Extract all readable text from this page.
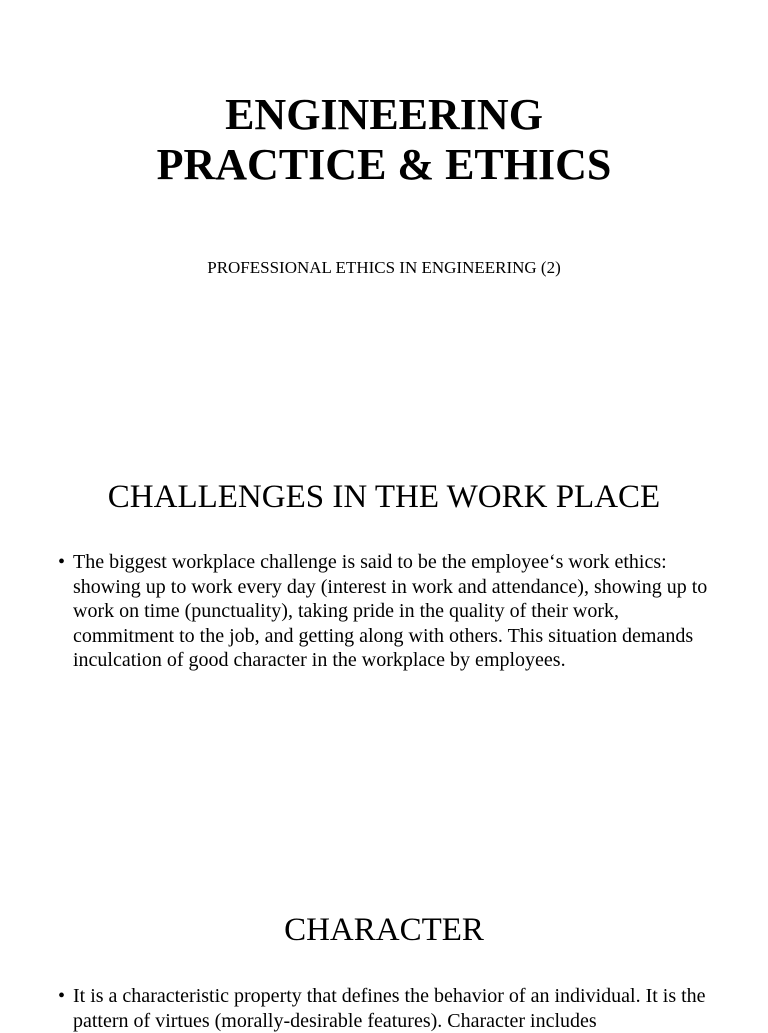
ENGINEERING
PRACTICE & ETHICS
PROFESSIONAL ETHICS IN ENGINEERING (2)
CHALLENGES IN THE WORK PLACE
• The biggest workplace challenge is said to be the employee‘s work ethics: showing up to work every day (interest in work and attendance), showing up to work on time (punctuality), taking pride in the quality of their work, commitment to the job, and getting along with others. This situation demands inculcation of good character in the workplace by employees.
CHARACTER
• It is a characteristic property that defines the behavior of an individual. It is the pattern of virtues (morally-desirable features). Character includes
